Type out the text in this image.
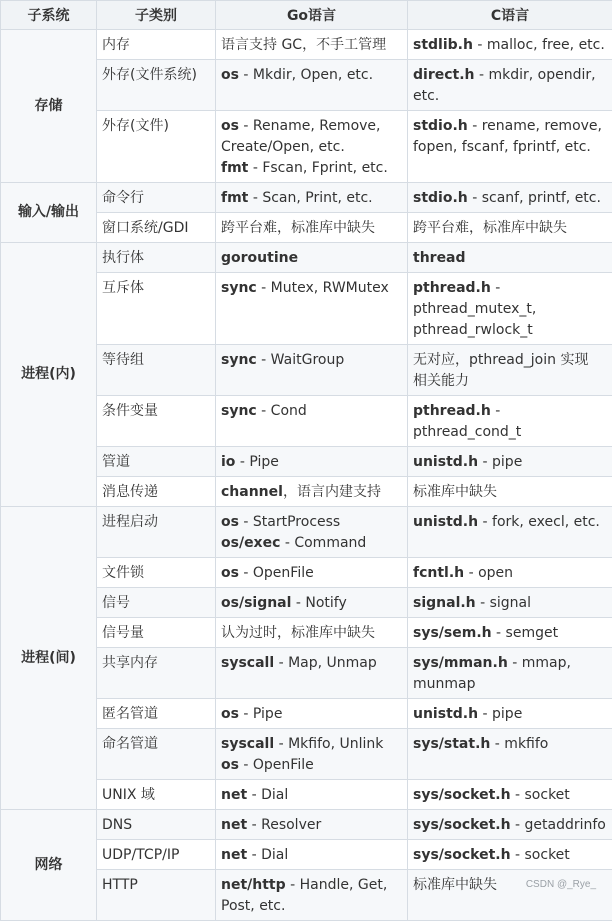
子系统	子类别	Go语言	C语言
存储	内存	语言支持 GC，不手工管理	stdlib.h - malloc, free, etc.

	外存(文件系统)	os - Mkdir, Open, etc.	direct.h - mkdir, opendir,
etc.

	外存(文件)	os - Rename, Remove,
Create/Open, etc.
fmt - Fscan, Fprint, etc.	stdio.h - rename, remove,
fopen, fscanf, fprintf, etc.

输入/输出	命令行	fmt - Scan, Print, etc.	stdio.h - scanf, printf, etc.

	窗口系统/GDI	跨平台难，标准库中缺失	跨平台难，标准库中缺失

进程(内)	执行体	goroutine	thread

	互斥体	sync - Mutex, RWMutex	pthread.h -
pthread_mutex_t,
pthread_rwlock_t

	等待组	sync - WaitGroup	无对应，pthread_join 实现
相关能力

	条件变量	sync - Cond	pthread.h - pthread_cond_t

	管道	io - Pipe	unistd.h - pipe

	消息传递	channel，语言内建支持	标准库中缺失

进程(间)	进程启动	os - StartProcess
os/exec - Command	unistd.h - fork, execl, etc.

	文件锁	os - OpenFile	fcntl.h - open

	信号	os/signal - Notify	signal.h - signal

	信号量	认为过时，标准库中缺失	sys/sem.h - semget

	共享内存	syscall - Map, Unmap	sys/mman.h - mmap,
munmap

	匿名管道	os - Pipe	unistd.h - pipe

	命名管道	syscall - Mkfifo, Unlink
os - OpenFile	sys/stat.h - mkfifo

	UNIX 域	net - Dial	sys/socket.h - socket

网络	DNS	net - Resolver	sys/socket.h - getaddrinfo

	UDP/TCP/IP	net - Dial	sys/socket.h - socket

	HTTP	net/http - Handle, Get,
Post, etc.	标准库中缺失	CSDN @_Rye_
